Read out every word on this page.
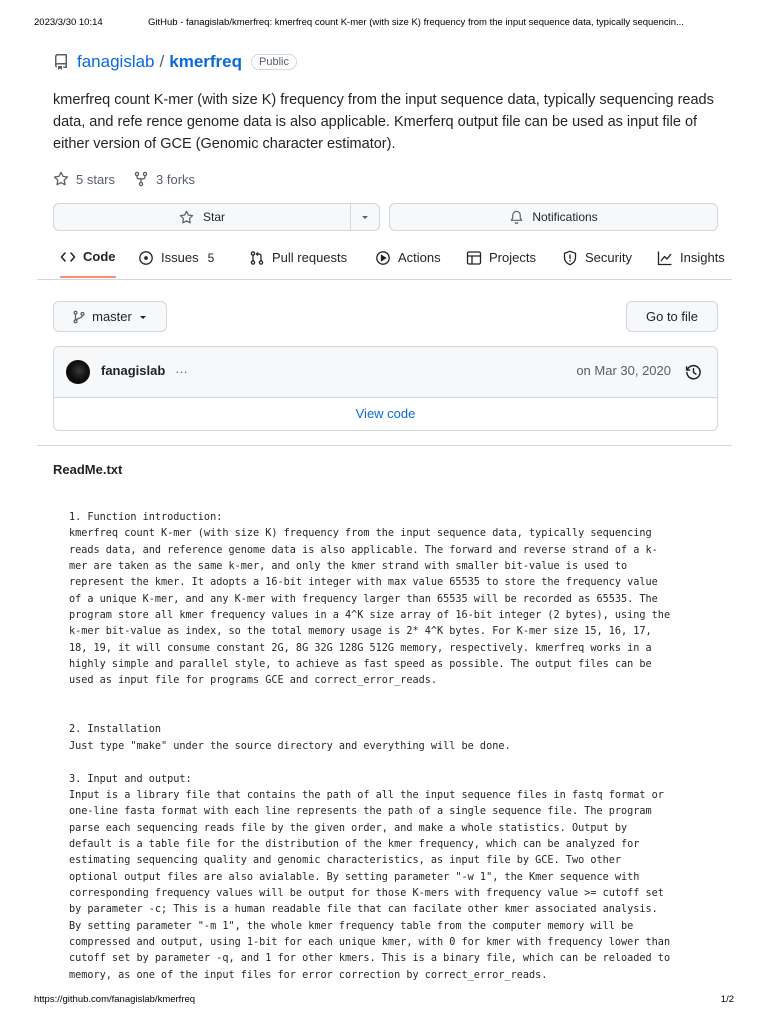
2023/3/30 10:14	GitHub - fanagislab/kmerfreq: kmerfreq count K-mer (with size K) frequency from the input sequence data, typically sequencin...
fanagislab / kmerfreq	Public

kmerfreq count K-mer (with size K) frequency from the input sequence data, typically sequencing reads data, and refe rence genome data is also applicable. Kmerferq output file can be used as input file of either version of GCE (Genomic character estimator).

5 stars	3 forks
Star	Notifications
Code	Issues 5	Pull requests	Actions	Projects	Security	Insights
master	Go to file
fanagislab …	on Mar 30, 2020
View code
ReadMe.txt
1. Function introduction:
kmerfreq count K-mer (with size K) frequency from the input sequence data, typically sequencing
reads data, and reference genome data is also applicable. The forward and reverse strand of a k-
mer are taken as the same k-mer, and only the kmer strand with smaller bit-value is used to
represent the kmer. It adopts a 16-bit integer with max value 65535 to store the frequency value
of a unique K-mer, and any K-mer with frequency larger than 65535 will be recorded as 65535. The
program store all kmer frequency values in a 4^K size array of 16-bit integer (2 bytes), using the
k-mer bit-value as index, so the total memory usage is 2* 4^K bytes. For K-mer size 15, 16, 17,
18, 19, it will consume constant 2G, 8G 32G 128G 512G memory, respectively. kmerfreq works in a
highly simple and parallel style, to achieve as fast speed as possible. The output files can be
used as input file for programs GCE and correct_error_reads.

2. Installation
Just type "make" under the source directory and everything will be done.

3. Input and output:
Input is a library file that contains the path of all the input sequence files in fastq format or
one-line fasta format with each line represents the path of a single sequence file. The program
parse each sequencing reads file by the given order, and make a whole statistics. Output by
default is a table file for the distribution of the kmer frequency, which can be analyzed for
estimating sequencing quality and genomic characteristics, as input file by GCE. Two other
optional output files are also avialable. By setting parameter "-w 1", the Kmer sequence with
corresponding frequency values will be output for those K-mers with frequency value >= cutoff set
by parameter -c; This is a human readable file that can facilate other kmer associated analysis.
By setting parameter "-m 1", the whole kmer frequency table from the computer memory will be
compressed and output, using 1-bit for each unique kmer, with 0 for kmer with frequency lower than
cutoff set by parameter -q, and 1 for other kmers. This is a binary file, which can be reloaded to
memory, as one of the input files for error correction by correct_error_reads.
https://github.com/fanagislab/kmerfreq	1/2
